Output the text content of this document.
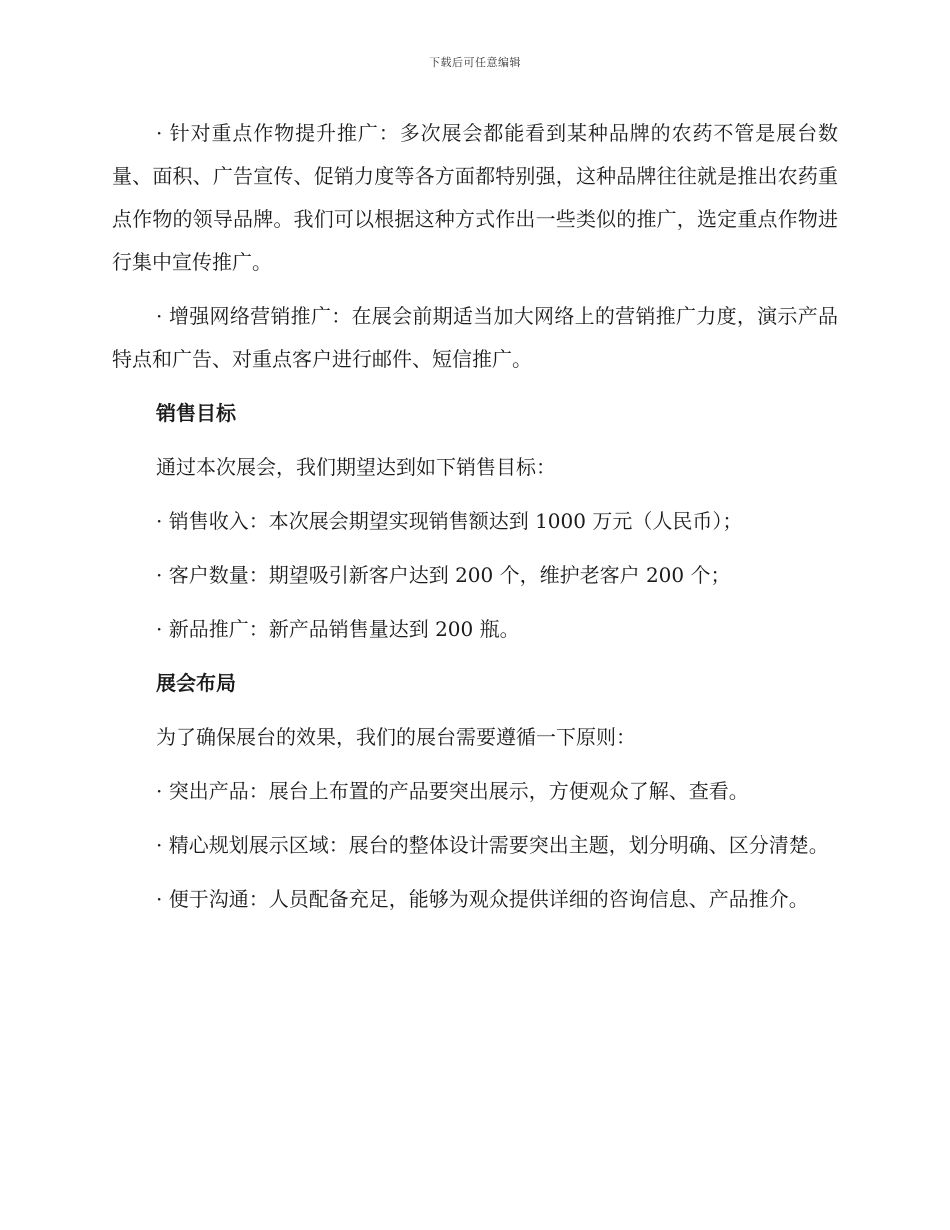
下载后可任意编辑

· 针对重点作物提升推广：多次展会都能看到某种品牌的农药不管是展台数量、面积、广告宣传、促销力度等各方面都特别强，这种品牌往往就是推出农药重点作物的领导品牌。我们可以根据这种方式作出一些类似的推广，选定重点作物进行集中宣传推广。

· 增强网络营销推广：在展会前期适当加大网络上的营销推广力度，演示产品特点和广告、对重点客户进行邮件、短信推广。

销售目标

通过本次展会，我们期望达到如下销售目标：

· 销售收入：本次展会期望实现销售额达到 1000 万元（人民币）；

· 客户数量：期望吸引新客户达到 200 个，维护老客户 200 个；

· 新品推广：新产品销售量达到 200 瓶。

展会布局

为了确保展台的效果，我们的展台需要遵循一下原则：

· 突出产品：展台上布置的产品要突出展示，方便观众了解、查看。

· 精心规划展示区域：展台的整体设计需要突出主题，划分明确、区分清楚。

· 便于沟通：人员配备充足，能够为观众提供详细的咨询信息、产品推介。
